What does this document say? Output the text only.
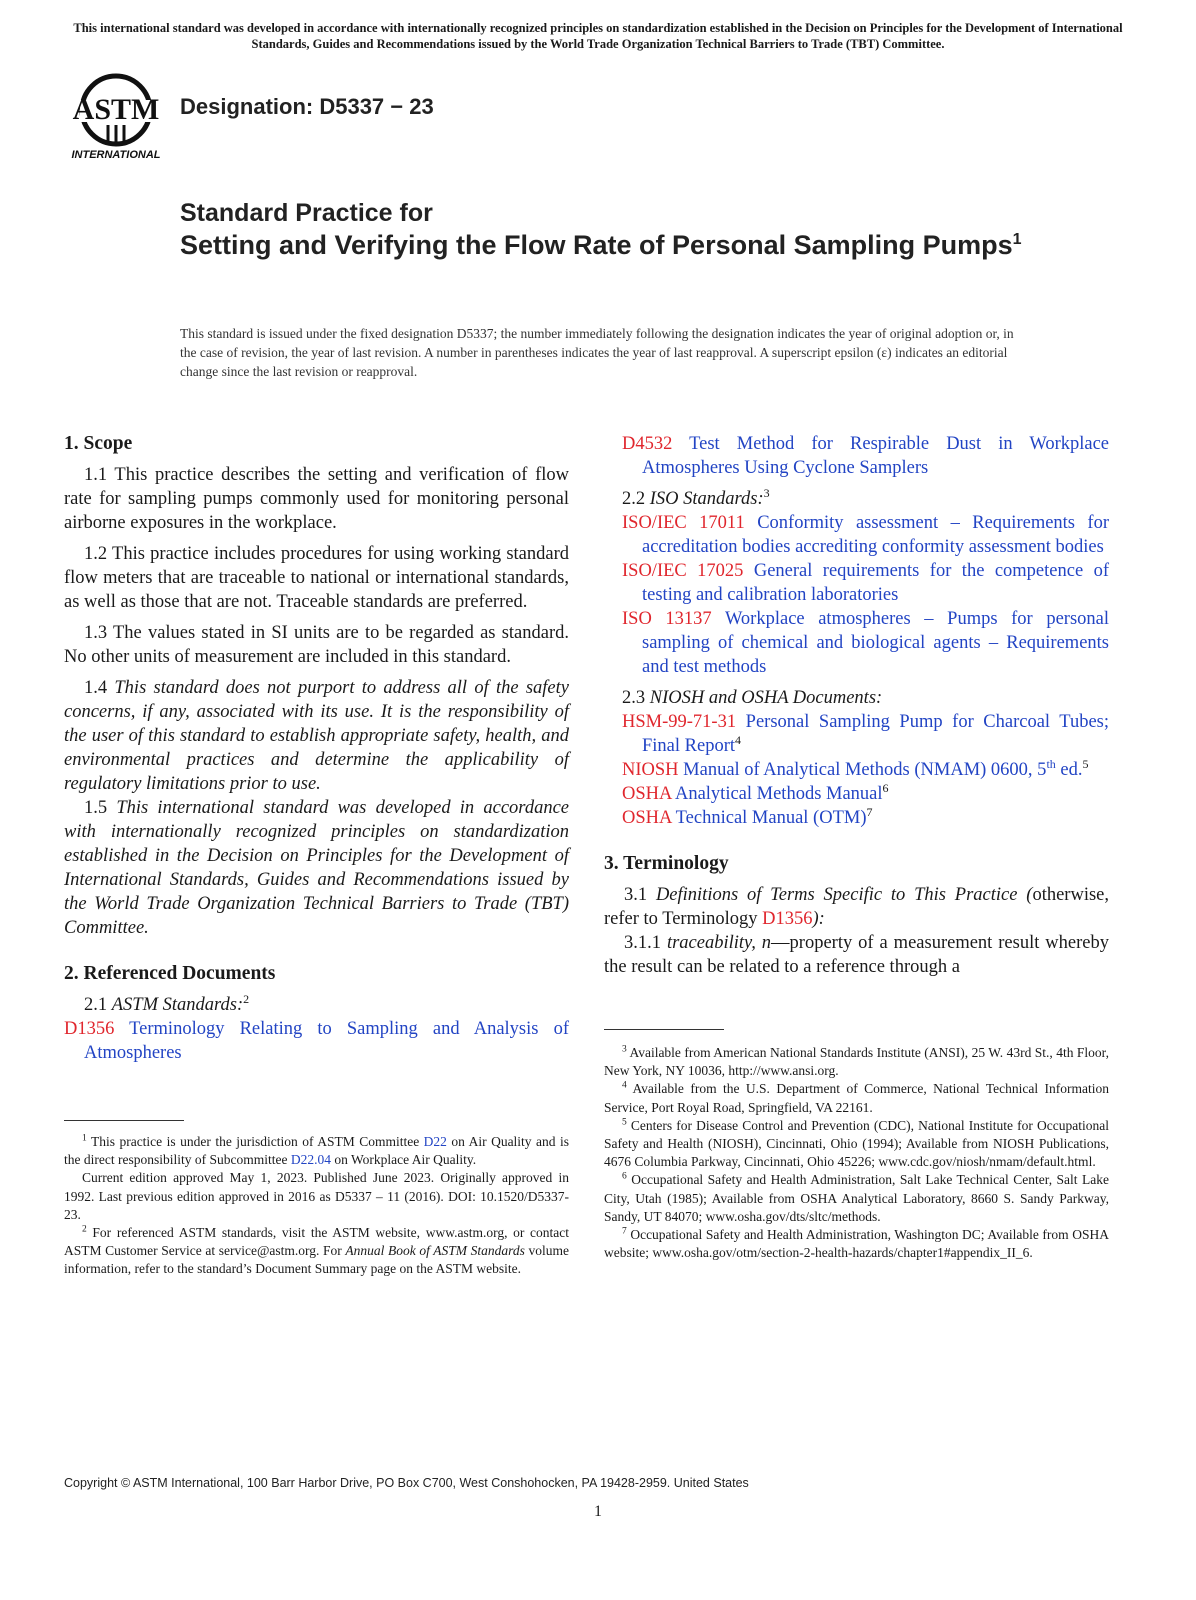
This international standard was developed in accordance with internationally recognized principles on standardization established in the Decision on Principles for the Development of International Standards, Guides and Recommendations issued by the World Trade Organization Technical Barriers to Trade (TBT) Committee.
ASTM
INTERNATIONAL
Designation: D5337 − 23
Standard Practice for
Setting and Verifying the Flow Rate of Personal Sampling Pumps$^1$
This standard is issued under the fixed designation D5337; the number immediately following the designation indicates the year of original adoption or, in the case of revision, the year of last revision. A number in parentheses indicates the year of last reapproval. A superscript epsilon (ε) indicates an editorial change since the last revision or reapproval.

1. Scope

1.1 This practice describes the setting and verification of flow rate for sampling pumps commonly used for monitoring personal airborne exposures in the workplace.

1.2 This practice includes procedures for using working standard flow meters that are traceable to national or international standards, as well as those that are not. Traceable standards are preferred.

1.3 The values stated in SI units are to be regarded as standard. No other units of measurement are included in this standard.

1.4 This standard does not purport to address all of the safety concerns, if any, associated with its use. It is the responsibility of the user of this standard to establish appropriate safety, health, and environmental practices and determine the applicability of regulatory limitations prior to use.

1.5 This international standard was developed in accordance with internationally recognized principles on standardization established in the Decision on Principles for the Development of International Standards, Guides and Recommendations issued by the World Trade Organization Technical Barriers to Trade (TBT) Committee.

2. Referenced Documents

2.1 ASTM Standards:$^2$

D1356 Terminology Relating to Sampling and Analysis of Atmospheres

$^1$ This practice is under the jurisdiction of ASTM Committee D22 on Air Quality and is the direct responsibility of Subcommittee D22.04 on Workplace Air Quality.

Current edition approved May 1, 2023. Published June 2023. Originally approved in 1992. Last previous edition approved in 2016 as D5337 – 11 (2016). DOI: 10.1520/D5337-23.

$^2$ For referenced ASTM standards, visit the ASTM website, www.astm.org, or contact ASTM Customer Service at service@astm.org. For Annual Book of ASTM Standards volume information, refer to the standard’s Document Summary page on the ASTM website.

D4532 Test Method for Respirable Dust in Workplace Atmospheres Using Cyclone Samplers

2.2 ISO Standards:$^3$

ISO/IEC 17011 Conformity assessment – Requirements for accreditation bodies accrediting conformity assessment bodies

ISO/IEC 17025 General requirements for the competence of testing and calibration laboratories

ISO 13137 Workplace atmospheres – Pumps for personal sampling of chemical and biological agents – Requirements and test methods

2.3 NIOSH and OSHA Documents:

HSM-99-71-31 Personal Sampling Pump for Charcoal Tubes; Final Report$^4$

NIOSH Manual of Analytical Methods (NMAM) 0600, 5th ed.$^5$

OSHA Analytical Methods Manual$^6$

OSHA Technical Manual (OTM)$^7$

3. Terminology

3.1 Definitions of Terms Specific to This Practice (otherwise, refer to Terminology D1356):

3.1.1 traceability, n—property of a measurement result whereby the result can be related to a reference through a

$^3$ Available from American National Standards Institute (ANSI), 25 W. 43rd St., 4th Floor, New York, NY 10036, http://www.ansi.org.

$^4$ Available from the U.S. Department of Commerce, National Technical Information Service, Port Royal Road, Springfield, VA 22161.

$^5$ Centers for Disease Control and Prevention (CDC), National Institute for Occupational Safety and Health (NIOSH), Cincinnati, Ohio (1994); Available from NIOSH Publications, 4676 Columbia Parkway, Cincinnati, Ohio 45226; www.cdc.gov/niosh/nmam/default.html.

$^6$ Occupational Safety and Health Administration, Salt Lake Technical Center, Salt Lake City, Utah (1985); Available from OSHA Analytical Laboratory, 8660 S. Sandy Parkway, Sandy, UT 84070; www.osha.gov/dts/sltc/methods.

$^7$ Occupational Safety and Health Administration, Washington DC; Available from OSHA website; www.osha.gov/otm/section-2-health-hazards/chapter1#appendix_II_6.

Copyright © ASTM International, 100 Barr Harbor Drive, PO Box C700, West Conshohocken, PA 19428-2959. United States
1
